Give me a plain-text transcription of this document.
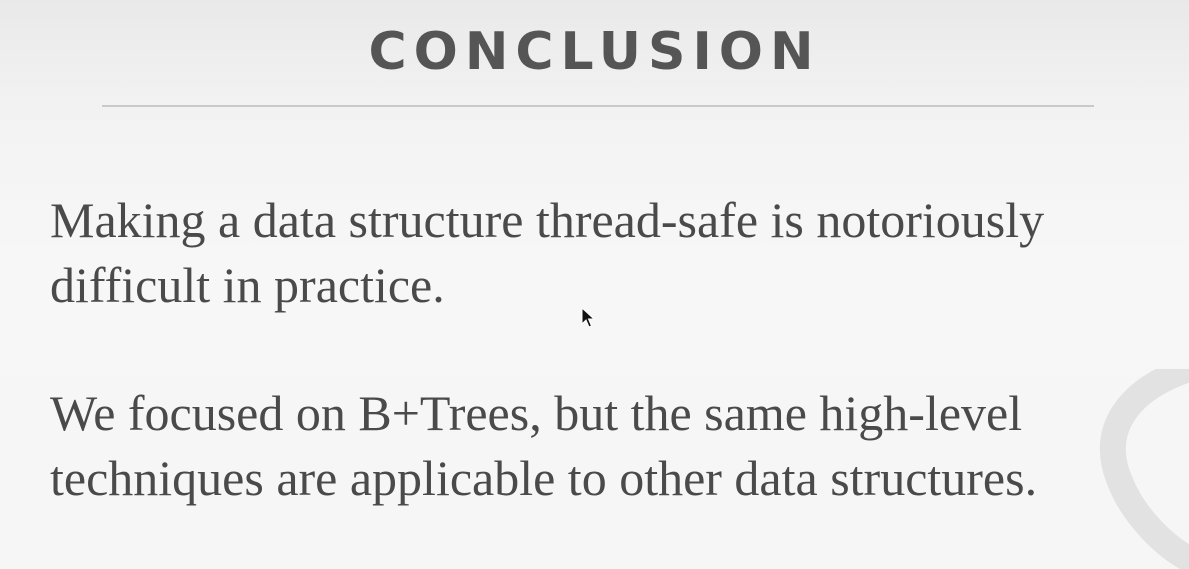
CONCLUSION

Making a data structure thread-safe is notoriously difficult in practice.

We focused on B+Trees, but the same high-level techniques are applicable to other data structures.
